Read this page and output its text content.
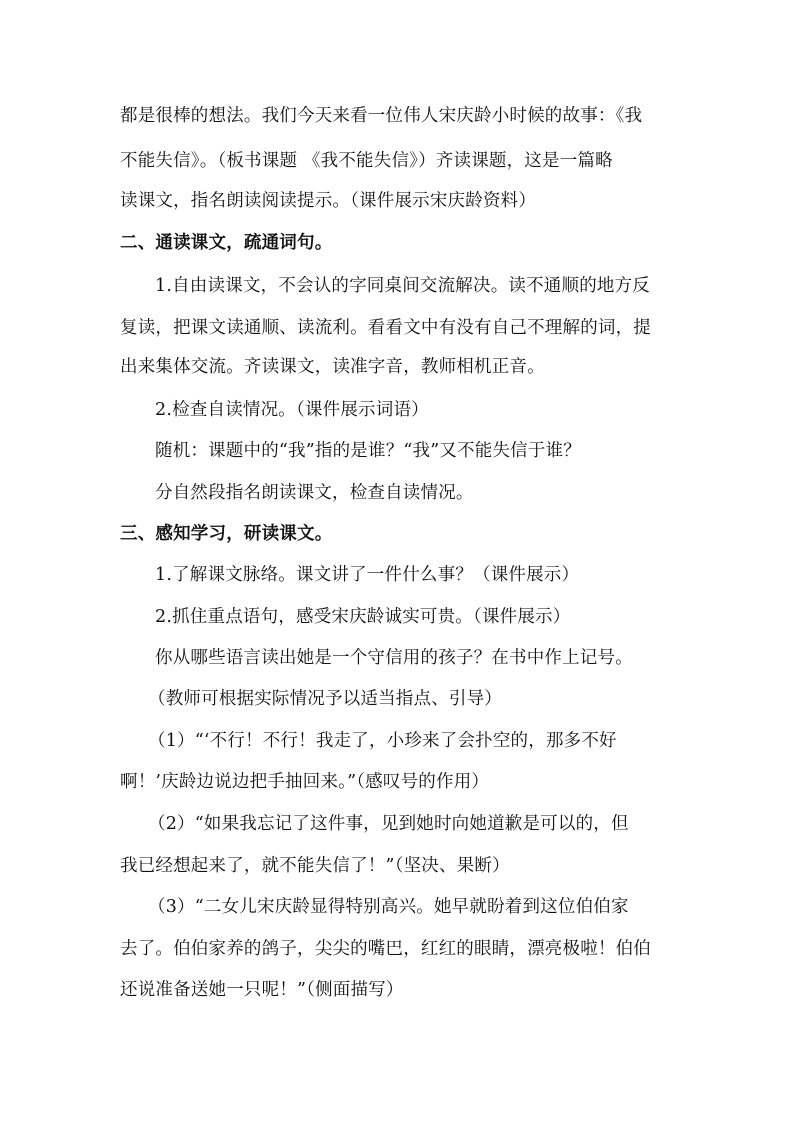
都是很棒的想法。我们今天来看一位伟人宋庆龄小时候的故事：《我
不能失信》。（板书课题 《我不能失信》）齐读课题，这是一篇略
读课文，指名朗读阅读提示。（课件展示宋庆龄资料）
二、通读课文，疏通词句。
1.自由读课文，不会认的字同桌间交流解决。读不通顺的地方反
复读，把课文读通顺、读流利。看看文中有没有自己不理解的词，提
出来集体交流。齐读课文，读准字音，教师相机正音。
2.检查自读情况。（课件展示词语）
随机：课题中的“我”指的是谁？“我”又不能失信于谁？
分自然段指名朗读课文，检查自读情况。
三、感知学习，研读课文。
1.了解课文脉络。课文讲了一件什么事？（课件展示）
2.抓住重点语句，感受宋庆龄诚实可贵。（课件展示）
你从哪些语言读出她是一个守信用的孩子？在书中作上记号。
（教师可根据实际情况予以适当指点、引导）
（1）“‘不行！不行！我走了，小珍来了会扑空的，那多不好
啊！’庆龄边说边把手抽回来。”（感叹号的作用）
（2）“如果我忘记了这件事，见到她时向她道歉是可以的，但
我已经想起来了，就不能失信了！”（坚决、果断）
（3）“二女儿宋庆龄显得特别高兴。她早就盼着到这位伯伯家
去了。伯伯家养的鸽子，尖尖的嘴巴，红红的眼睛，漂亮极啦！伯伯
还说准备送她一只呢！”（侧面描写）
